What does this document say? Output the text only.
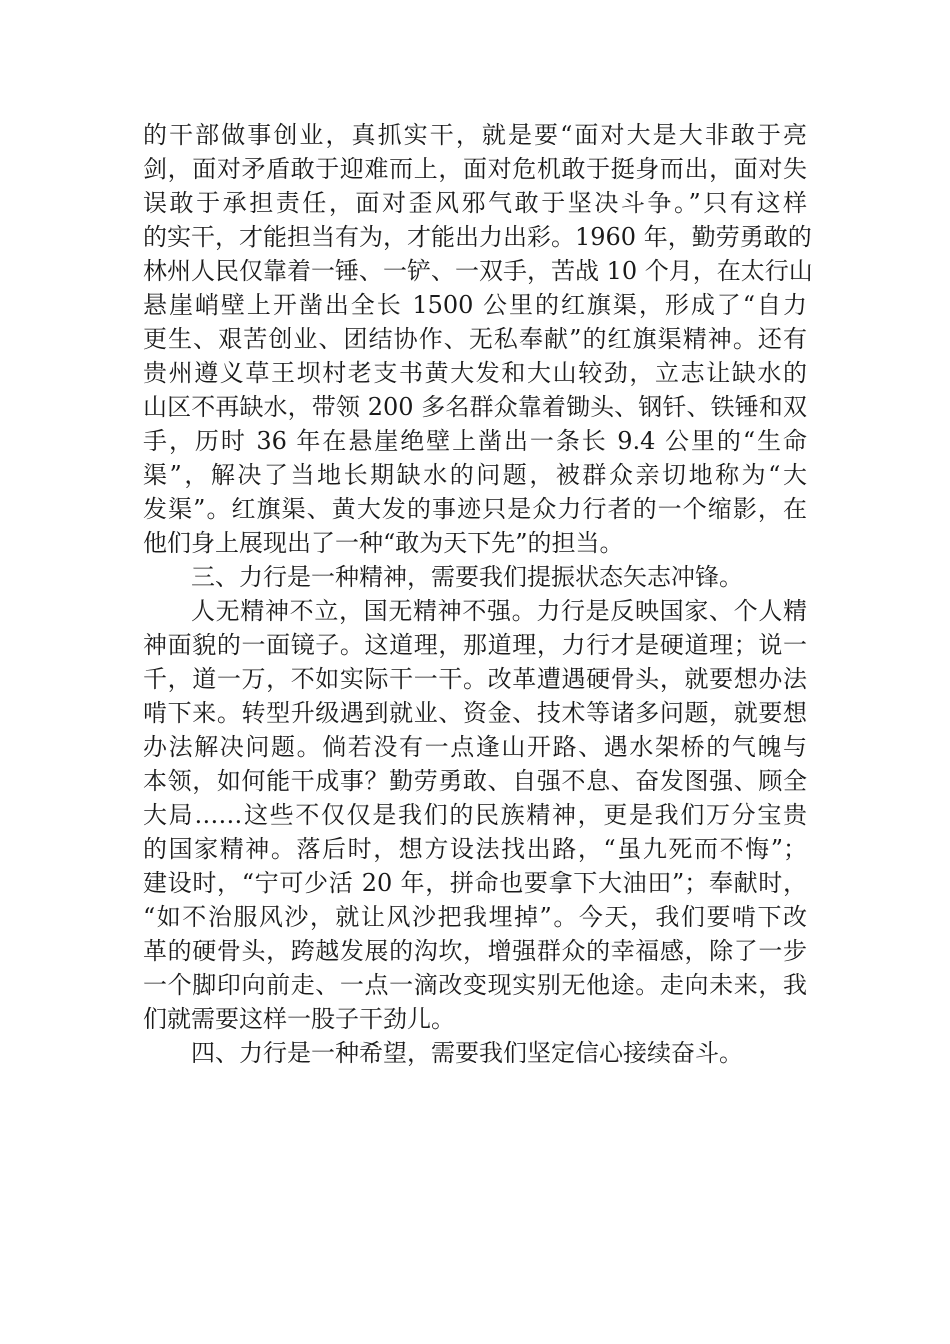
的干部做事创业，真抓实干，就是要“面对大是大非敢于亮
剑，面对矛盾敢于迎难而上，面对危机敢于挺身而出，面对失
误敢于承担责任，面对歪风邪气敢于坚决斗争。”只有这样
的实干，才能担当有为，才能出力出彩。1960 年，勤劳勇敢的
林州人民仅靠着一锤、一铲、一双手，苦战 10 个月，在太行山
悬崖峭壁上开凿出全长 1500 公里的红旗渠，形成了“自力
更生、艰苦创业、团结协作、无私奉献”的红旗渠精神。还有
贵州遵义草王坝村老支书黄大发和大山较劲，立志让缺水的
山区不再缺水，带领 200 多名群众靠着锄头、钢钎、铁锤和双
手，历时 36 年在悬崖绝壁上凿出一条长 9.4 公里的“生命
渠”，解决了当地长期缺水的问题，被群众亲切地称为“大
发渠”。红旗渠、黄大发的事迹只是众力行者的一个缩影，在
他们身上展现出了一种“敢为天下先”的担当。
三、力行是一种精神，需要我们提振状态矢志冲锋。
人无精神不立，国无精神不强。力行是反映国家、个人精
神面貌的一面镜子。这道理，那道理，力行才是硬道理；说一
千，道一万，不如实际干一干。改革遭遇硬骨头，就要想办法
啃下来。转型升级遇到就业、资金、技术等诸多问题，就要想
办法解决问题。倘若没有一点逢山开路、遇水架桥的气魄与
本领，如何能干成事？勤劳勇敢、自强不息、奋发图强、顾全
大局……这些不仅仅是我们的民族精神，更是我们万分宝贵
的国家精神。落后时，想方设法找出路，“虽九死而不悔”；
建设时，“宁可少活 20 年，拼命也要拿下大油田”；奉献时，
“如不治服风沙，就让风沙把我埋掉”。今天，我们要啃下改
革的硬骨头，跨越发展的沟坎，增强群众的幸福感，除了一步
一个脚印向前走、一点一滴改变现实别无他途。走向未来，我
们就需要这样一股子干劲儿。
四、力行是一种希望，需要我们坚定信心接续奋斗。
